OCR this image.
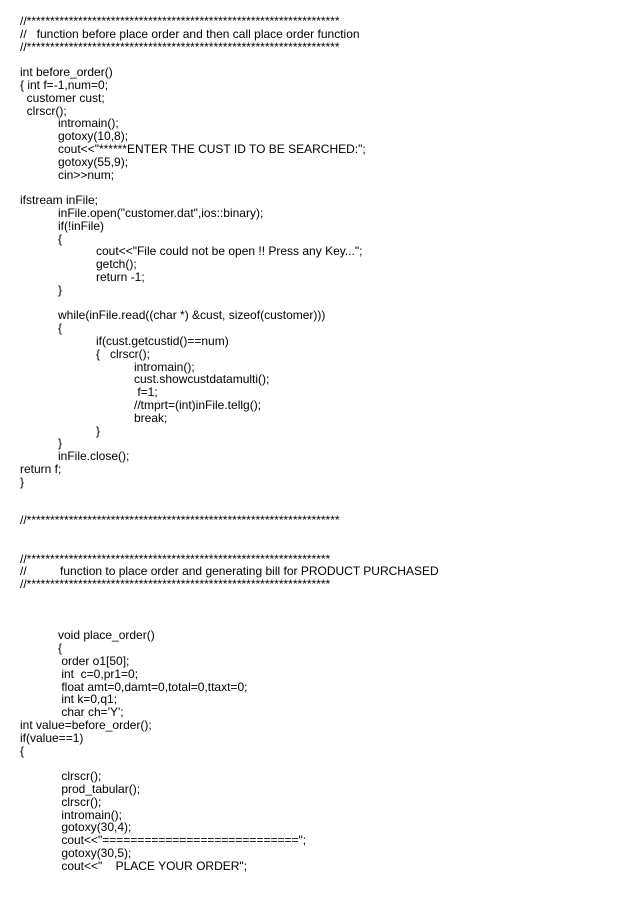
//*******************************************************************
//   function before place order and then call place order function
//*******************************************************************
int before_order()
{ int f=-1,num=0;
customer cust;
clrscr();
intromain();
gotoxy(10,8);
cout<<"******ENTER THE CUST ID TO BE SEARCHED:";
gotoxy(55,9);
cin>>num;
ifstream inFile;
inFile.open("customer.dat",ios::binary);
if(!inFile)
{
cout<<"File could not be open !! Press any Key...";
getch();
return -1;
}
while(inFile.read((char *) &cust, sizeof(customer)))
{
if(cust.getcustid()==num)
{   clrscr();
intromain();
cust.showcustdatamulti();
f=1;
//tmprt=(int)inFile.tellg();
break;
}
}
inFile.close();
return f;
}
//*******************************************************************
//*****************************************************************
//          function to place order and generating bill for PRODUCT PURCHASED
//*****************************************************************
void place_order()
{
order o1[50];
int  c=0,pr1=0;
float amt=0,damt=0,total=0,ttaxt=0;
int k=0,q1;
char ch='Y';
int value=before_order();
if(value==1)
{
clrscr();
prod_tabular();
clrscr();
intromain();
gotoxy(30,4);
cout<<"============================";
gotoxy(30,5);
cout<<"    PLACE YOUR ORDER";
